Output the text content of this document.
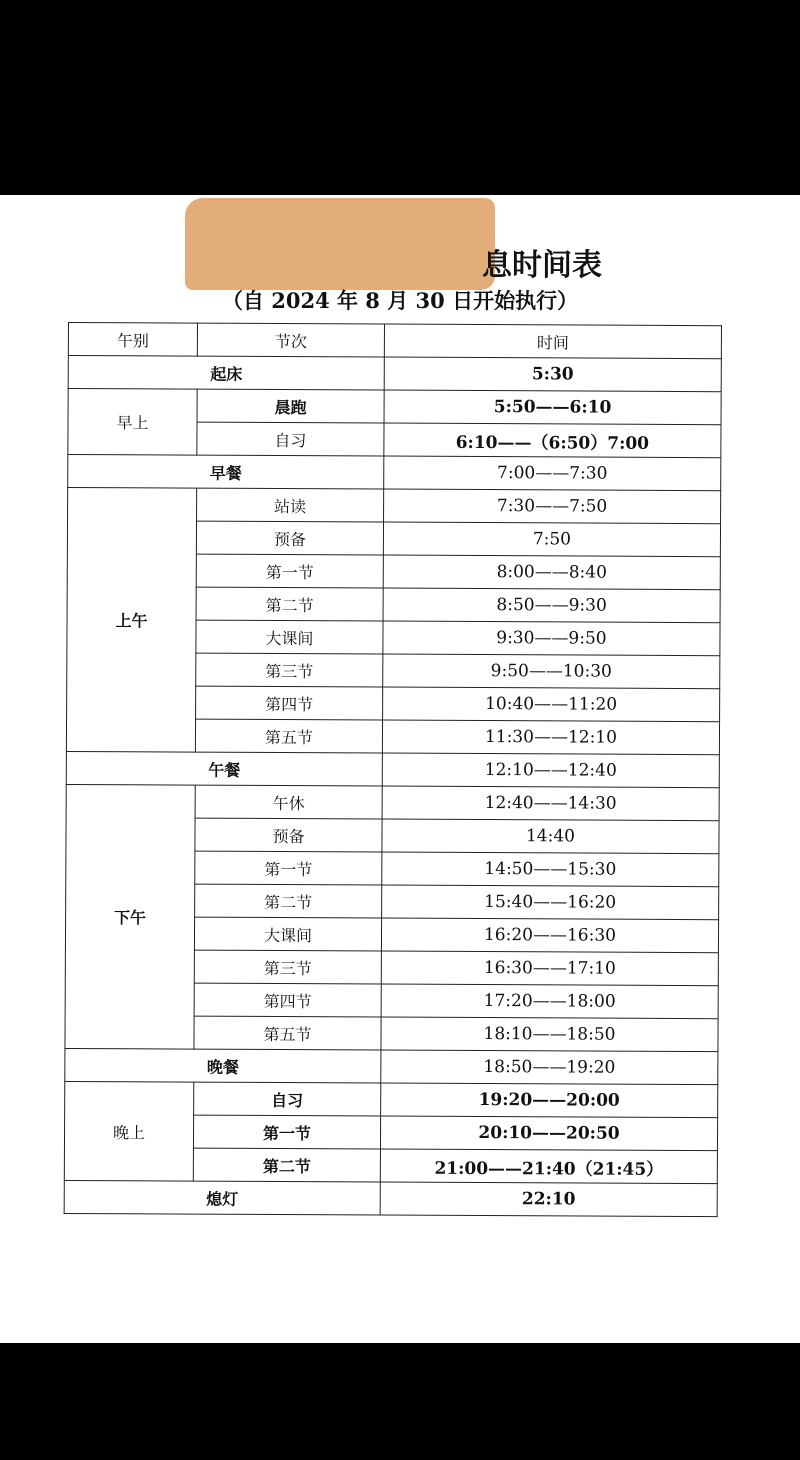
息时间表
（自 2024 年 8 月 30 日开始执行）
午别	节次	时间
起床		5:30
早上	晨跑	5:50——6:10
	自习	6:10——（6:50）7:00
早餐		7:00——7:30
上午	站读	7:30——7:50
	预备	7:50
	第一节	8:00——8:40
	第二节	8:50——9:30
	大课间	9:30——9:50
	第三节	9:50——10:30
	第四节	10:40——11:20
	第五节	11:30——12:10
午餐		12:10——12:40
下午	午休	12:40——14:30
	预备	14:40
	第一节	14:50——15:30
	第二节	15:40——16:20
	大课间	16:20——16:30
	第三节	16:30——17:10
	第四节	17:20——18:00
	第五节	18:10——18:50
晚餐		18:50——19:20
晚上	自习	19:20——20:00
	第一节	20:10——20:50
	第二节	21:00——21:40（21:45）
熄灯		22:10
